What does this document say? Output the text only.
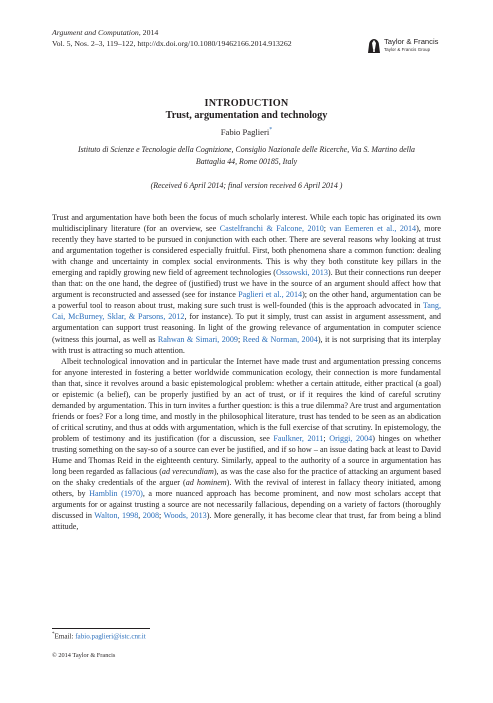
Argument and Computation, 2014
Vol. 5, Nos. 2–3, 119–122, http://dx.doi.org/10.1080/19462166.2014.913262	Taylor & Francis
Taylor & Francis Group
INTRODUCTION
Trust, argumentation and technology
Fabio Paglieri*
Istituto di Scienze e Tecnologie della Cognizione, Consiglio Nazionale delle Ricerche, Via S. Martino della
Battaglia 44, Rome 00185, Italy
(Received 6 April 2014; final version received 6 April 2014 )

Trust and argumentation have both been the focus of much scholarly interest. While each topic has originated its own multidisciplinary literature (for an overview, see Castelfranchi & Falcone, 2010; van Eemeren et al., 2014), more recently they have started to be pursued in conjunction with each other. There are several reasons why looking at trust and argumentation together is considered especially fruitful. First, both phenomena share a common function: dealing with change and uncertainty in complex social environments. This is why they both constitute key pillars in the emerging and rapidly growing new field of agreement technologies (Ossowski, 2013). But their connections run deeper than that: on the one hand, the degree of (justified) trust we have in the source of an argument should affect how that argument is reconstructed and assessed (see for instance Paglieri et al., 2014); on the other hand, argumentation can be a powerful tool to reason about trust, making sure such trust is well-founded (this is the approach advocated in Tang, Cai, McBurney, Sklar, & Parsons, 2012, for instance). To put it simply, trust can assist in argument assessment, and argumentation can support trust reasoning. In light of the growing relevance of argumentation in computer science (witness this journal, as well as Rahwan & Simari, 2009; Reed & Norman, 2004), it is not surprising that its interplay with trust is attracting so much attention.

Albeit technological innovation and in particular the Internet have made trust and argumentation pressing concerns for anyone interested in fostering a better worldwide communication ecology, their connection is more fundamental than that, since it revolves around a basic epistemological problem: whether a certain attitude, either practical (a goal) or epistemic (a belief), can be properly justified by an act of trust, or if it requires the kind of careful scrutiny demanded by argumentation. This in turn invites a further question: is this a true dilemma? Are trust and argumentation friends or foes? For a long time, and mostly in the philosophical literature, trust has tended to be seen as an abdication of critical scrutiny, and thus at odds with argumentation, which is the full exercise of that scrutiny. In epistemology, the problem of testimony and its justification (for a discussion, see Faulkner, 2011; Origgi, 2004) hinges on whether trusting something on the say-so of a source can ever be justified, and if so how – an issue dating back at least to David Hume and Thomas Reid in the eighteenth century. Similarly, appeal to the authority of a source in argumentation has long been regarded as fallacious (ad verecundiam), as was the case also for the practice of attacking an argument based on the shaky credentials of the arguer (ad hominem). With the revival of interest in fallacy theory initiated, among others, by Hamblin (1970), a more nuanced approach has become prominent, and now most scholars accept that arguments for or against trusting a source are not necessarily fallacious, depending on a variety of factors (thoroughly discussed in Walton, 1998, 2008; Woods, 2013). More generally, it has become clear that trust, far from being a blind attitude,

*Email: fabio.paglieri@istc.cnr.it
© 2014 Taylor & Francis
